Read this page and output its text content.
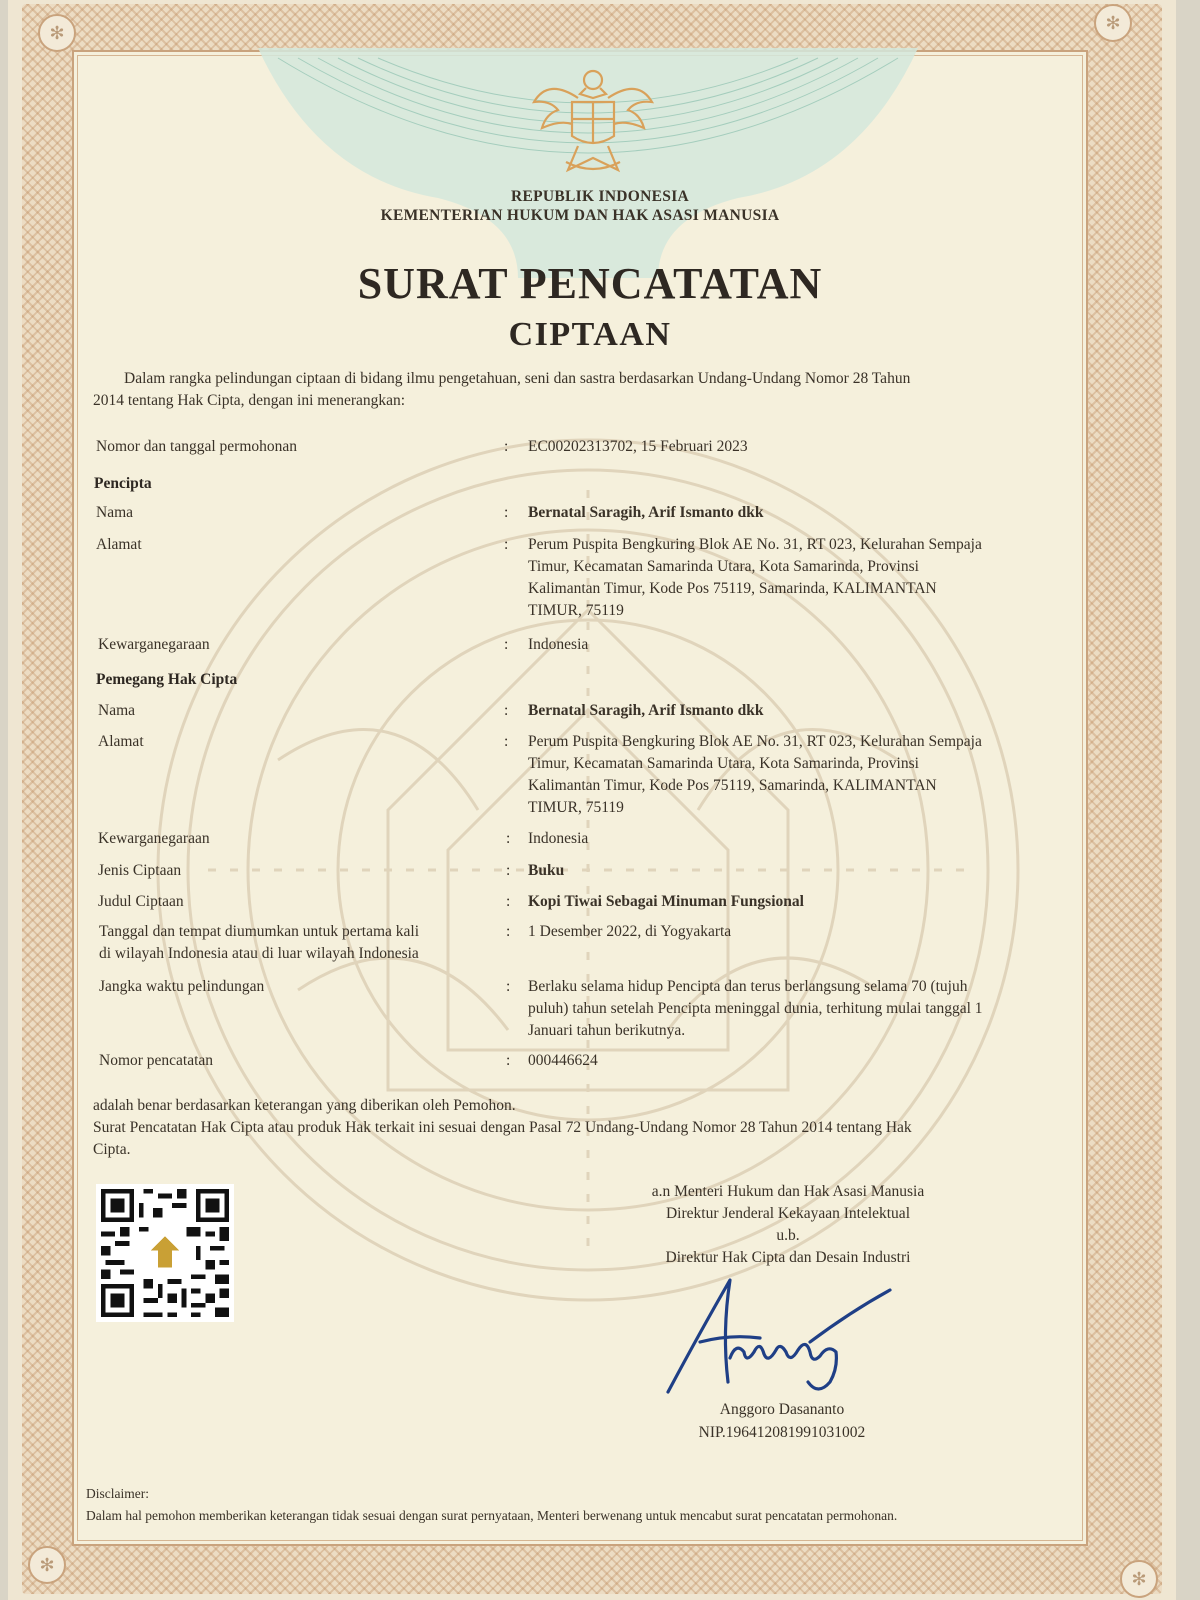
✻	✻
✻
✻
REPUBLIK INDONESIA
KEMENTERIAN HUKUM DAN HAK ASASI MANUSIA
SURAT PENCATATAN
CIPTAAN
Dalam rangka pelindungan ciptaan di bidang ilmu pengetahuan, seni dan sastra berdasarkan Undang-Undang Nomor 28 Tahun
2014 tentang Hak Cipta, dengan ini menerangkan:
Nomor dan tanggal permohonan	: EC00202313702, 15 Februari 2023
Pencipta
Nama	: Bernatal Saragih, Arif Ismanto dkk
Alamat	: Perum Puspita Bengkuring Blok AE No. 31, RT 023, Kelurahan Sempaja
Timur, Kecamatan Samarinda Utara, Kota Samarinda, Provinsi
Kalimantan Timur, Kode Pos 75119, Samarinda, KALIMANTAN
TIMUR, 75119
Kewarganegaraan	: Indonesia
Pemegang Hak Cipta
Nama	: Bernatal Saragih, Arif Ismanto dkk
Alamat	: Perum Puspita Bengkuring Blok AE No. 31, RT 023, Kelurahan Sempaja
Timur, Kecamatan Samarinda Utara, Kota Samarinda, Provinsi
Kalimantan Timur, Kode Pos 75119, Samarinda, KALIMANTAN
TIMUR, 75119
Kewarganegaraan	: Indonesia
Jenis Ciptaan	: Buku
Judul Ciptaan	: Kopi Tiwai Sebagai Minuman Fungsional
Tanggal dan tempat diumumkan untuk pertama kali
di wilayah Indonesia atau di luar wilayah Indonesia
: 1 Desember 2022, di Yogyakarta
Jangka waktu pelindungan	: Berlaku selama hidup Pencipta dan terus berlangsung selama 70 (tujuh
puluh) tahun setelah Pencipta meninggal dunia, terhitung mulai tanggal 1
Januari tahun berikutnya.
Nomor pencatatan	: 000446624
adalah benar berdasarkan keterangan yang diberikan oleh Pemohon.
Surat Pencatatan Hak Cipta atau produk Hak terkait ini sesuai dengan Pasal 72 Undang-Undang Nomor 28 Tahun 2014 tentang Hak
Cipta.
a.n Menteri Hukum dan Hak Asasi Manusia
Direktur Jenderal Kekayaan Intelektual
u.b.
Direktur Hak Cipta dan Desain Industri
Anggoro Dasananto
NIP.196412081991031002
Disclaimer:
Dalam hal pemohon memberikan keterangan tidak sesuai dengan surat pernyataan, Menteri berwenang untuk mencabut surat pencatatan permohonan.
